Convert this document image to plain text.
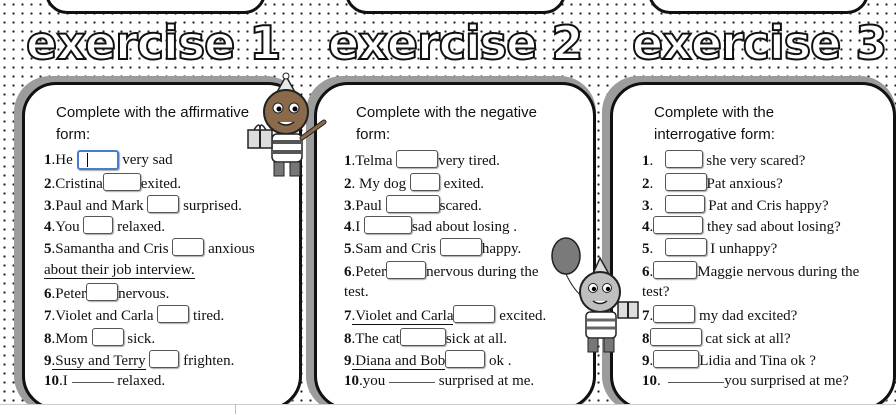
exercise 1 exercise 2 exercise 3
Complete with the affirmative
form:
Complete with the negative
form:
Complete with the
interrogative form:
1.He	very sad
2.Cristina	exited.
3.Paul and Mark	surprised.
4.You	relaxed.
5.Samantha and Cris	anxious
about their job interview.
6.Peter nervous.
7.Violet and Carla	tired.
8.Mom	sick.
9.Susy and Terry	frighten.
10.I	relaxed.
1.Telma	very tired.
2. My dog	exited.
3.Paul	scared.
4.I	sad about losing .
5.Sam and Cris	happy.
6.Peter	nervous during the
test.
7.Violet and Carla	excited.
8.The cat	sick at all.
9.Diana and Bob	ok .
10.you	surprised at me.
1.	she very scared?
2.	Pat anxious?
3.	Pat and Cris happy?
4.	they sad about losing?
5.	I unhappy?
6.	Maggie nervous during the
test?
7.	my dad excited?
8	cat sick at all?
9.	Lidia and Tina ok ?
10.	you surprised at me?
